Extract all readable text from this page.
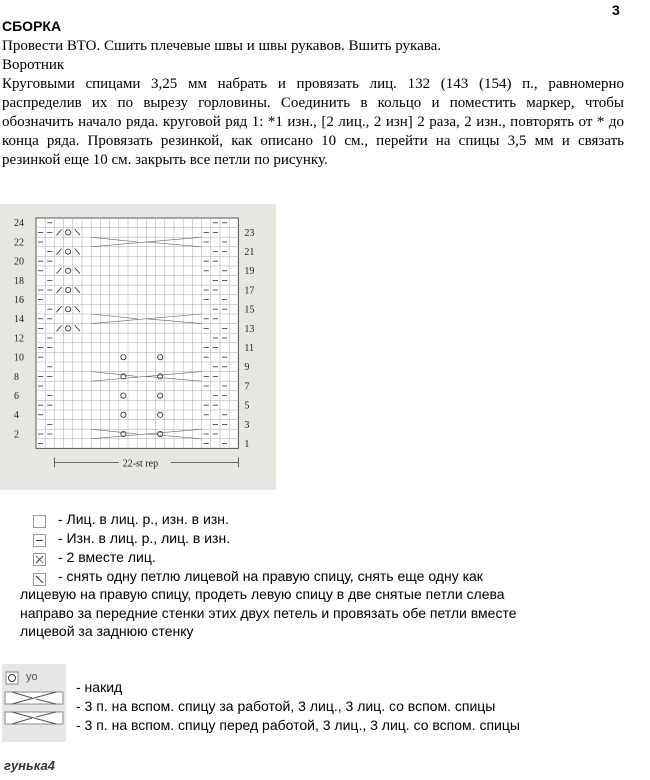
3
СБОРКА
Провести ВТО. Сшить плечевые швы и швы рукавов. Вшить рукава.
Воротник
Круговыми спицами 3,25 мм набрать и провязать лиц. 132 (143 (154) п., равномерно распределив их по вырезу горловины. Соединить в кольцо и поместить маркер, чтобы обозначить начало ряда. круговой ряд 1: *1 изн., [2 лиц., 2 изн] 2 раза, 2 изн., повторять от * до конца ряда. Провязать резинкой, как описано 10 см., перейти на спицы 3,5 мм и связать резинкой еще 10 см. закрыть все петли по рисунку.
24
22
20
18
16
14
12
10
8
6
4
2
23
21
19
17
15
13
11
9
7
5
3
1
22-st rep
- Лиц. в лиц. р., изн. в изн.
- Изн. в лиц. р., лиц. в изн.
- 2 вместе лиц.
- снять одну петлю лицевой на правую спицу, снять еще одну как
лицевую на правую спицу, продеть левую спицу в две снятые петли слева
направо за передние стенки этих двух петель и провязать обе петли вместе
лицевой за заднюю стенку
yo
- накид
- 3 п. на вспом. спицу за работой, 3 лиц., 3 лиц. со вспом. спицы
- 3 п. на вспом. спицу перед работой, 3 лиц., 3 лиц. со вспом. спицы
гунька4
